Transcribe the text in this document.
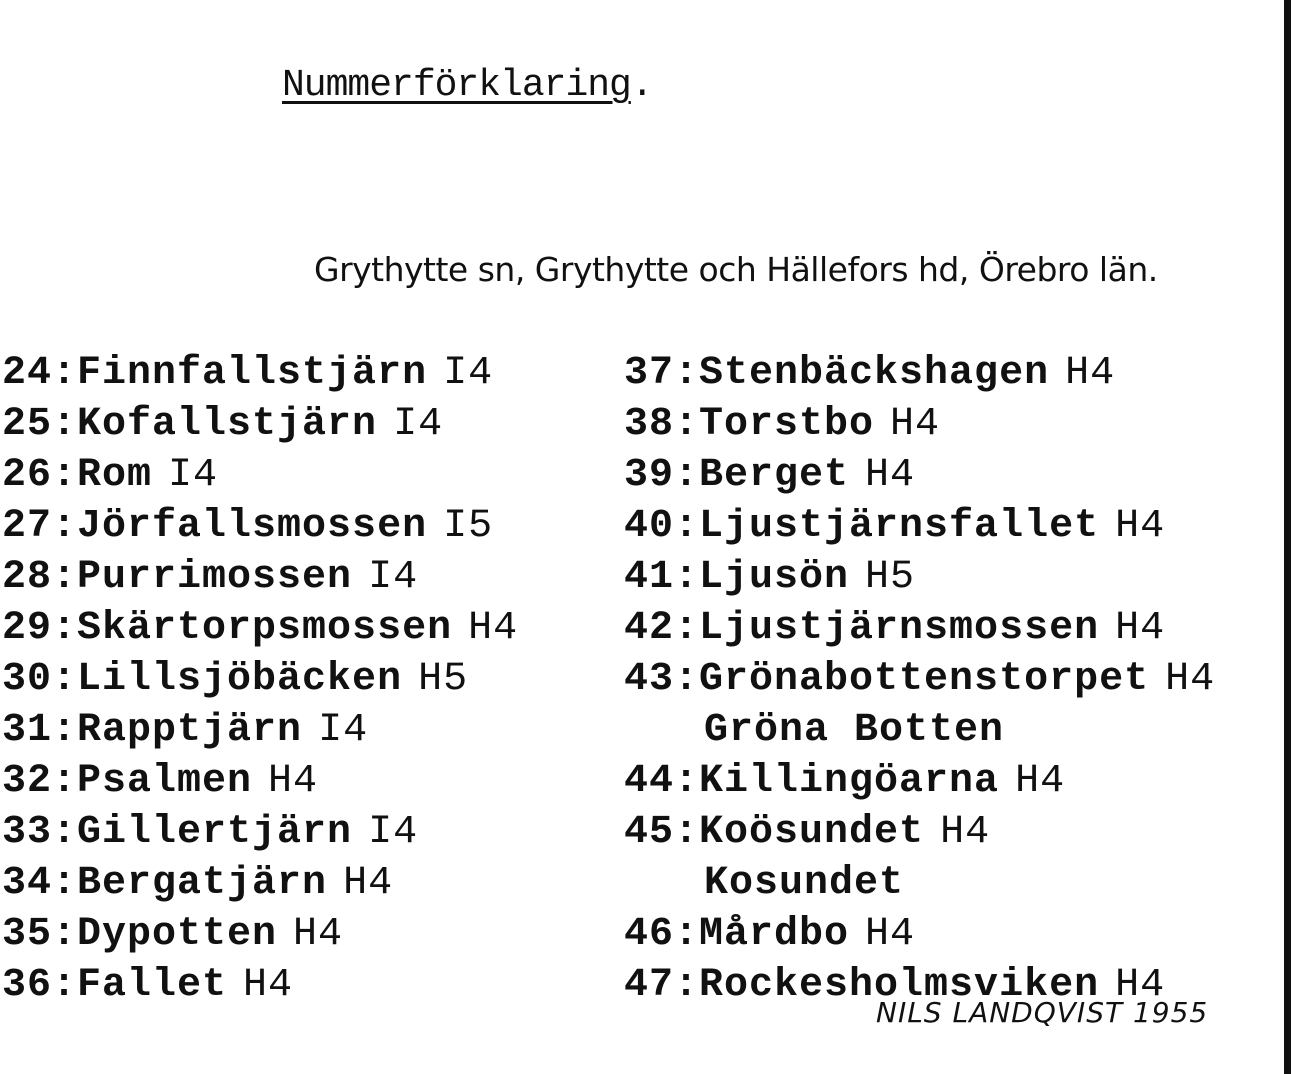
Nummerförklaring.
Grythytte sn, Grythytte och Hällefors hd, Örebro län.
24:Finnfallstjärn I4
25:Kofallstjärn I4
26:Rom I4
27:Jörfallsmossen I5
28:Purrimossen I4
29:Skärtorpsmossen H4
30:Lillsjöbäcken H5
31:Rapptjärn I4
32:Psalmen H4
33:Gillertjärn I4
34:Bergatjärn H4
35:Dypotten H4
36:Fallet H4
37:Stenbäckshagen H4
38:Torstbo H4
39:Berget H4
40:Ljustjärnsfallet H4
41:Ljusön H5
42:Ljustjärnsmossen H4
43:Grönabottenstorpet H4
Gröna Botten
44:Killingöarna H4
45:Koösundet H4
Kosundet
46:Mårdbo H4
47:Rockesholmsviken H4
NILS LANDQVIST 1955
